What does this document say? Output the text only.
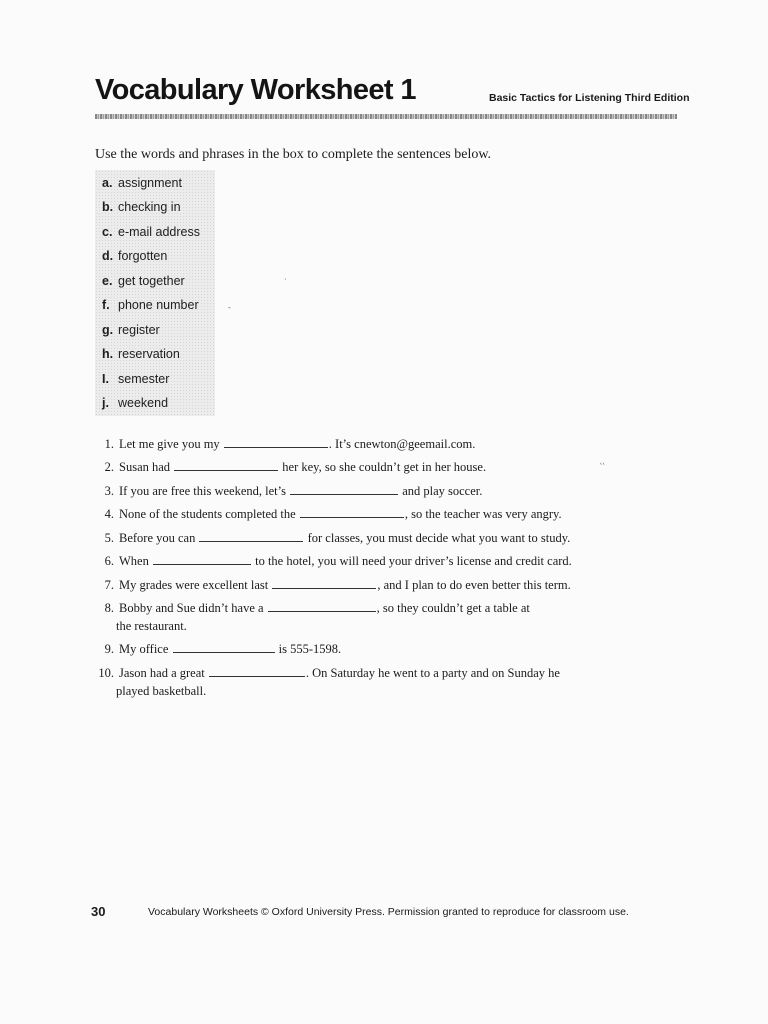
Vocabulary Worksheet 1	Basic Tactics for Listening Third Edition
Use the words and phrases in the box to complete the sentences below.
a. assignment
b. checking in
c. e-mail address
d. forgotten
e. get together
f. phone number
g. register
h. reservation
I. semester
j. weekend
1. Let me give you my	. It’s cnewton@geemail.com.
2. Susan had	her key, so she couldn’t get in her house.
3. If you are free this weekend, let’s	and play soccer.
4. None of the students completed the	, so the teacher was very angry.
5. Before you can	for classes, you must decide what you want to study.
6. When	to the hotel, you will need your driver’s license and credit card.
7. My grades were excellent last	, and I plan to do even better this term.
8. Bobby and Sue didn’t have a	, so they couldn’t get a table at
the restaurant.
9. My office	is 555-1598.
10. Jason had a great	. On Saturday he went to a party and on Sunday he
played basketball.
30	Vocabulary Worksheets © Oxford University Press. Permission granted to reproduce for classroom use.
·
-
˛˛
